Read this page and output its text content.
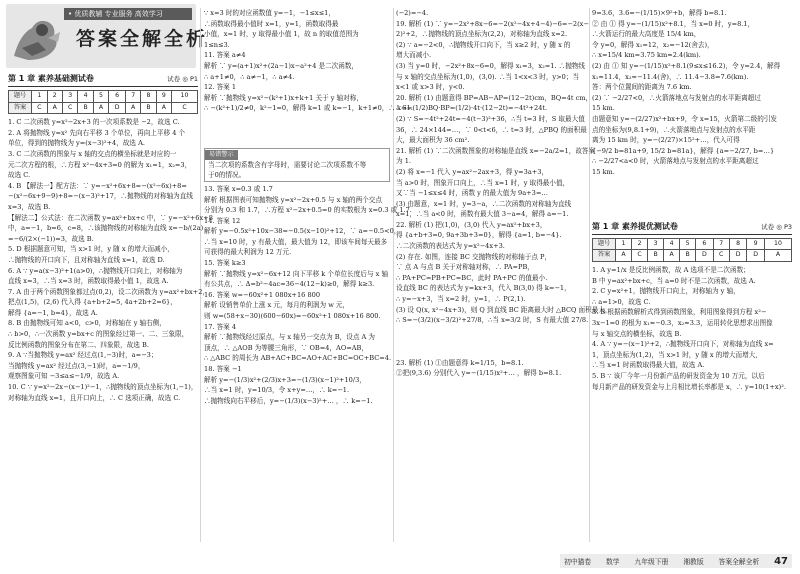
• 优质教辅 专业服务 高效学习
答案全解全析
第 1 章 素养基础测试卷	试卷 ◎ P1
题号	1	2	3	4	5	6	7	8	9	10
答案	C	A	C	B	A	D	A	B	A	C

1. C 二次函数 y=x²−2x+3 的一次项系数是 −2，故选 C.

2. A 将抛物线 y=x² 先向右平移 3 个单位，再向上平移 4 个

单位，得到的抛物线为 y=(x−3)²+4，故选 A.

3. C 二次函数的图象与 x 轴的交点的横坐标就是对应的一

元二次方程的根，∴方程 x²−4x+3=0 的解为 x₁=1，x₂=3，

故选 C.

4. B 【解法一】配方法：∵ y=−x²+6x+8=−(x²−6x)+8=

−(x²−6x+9−9)+8=−(x−3)²+17，∴抛物线的对称轴为直线

x=3，故选 B.

【解法二】公式法：在二次函数 y=ax²+bx+c 中，∵ y=−x²+6x+8

中，a=−1，b=6，c=8，∴该抛物线的对称轴为直线 x=−b/(2a)

=−6/(2×(−1))=3，故选 B.

5. D 根据题意可知，当 x>1 时，y 随 x 的增大而减小，

∴抛物线的开口向下，且对称轴为直线 x=1，故选 D.

6. A ∵ y=a(x−3)²+1(a>0)，∴抛物线开口向上，对称轴为

直线 x=3，∴当 x=3 时，函数取得最小值 1，故选 A.

7. A 由于两个函数图象都过点(0,2)，设二次函数为 y=ax²+bx+2，

把点(1,5)，(2,6) 代入得 {a+b+2=5, 4a+2b+2=6}，

解得 {a=−1, b=4}，故选 A.

8. B 由抛物线可知 a<0，c>0，对称轴在 y 轴右侧，

∴ b>0，∴一次函数 y=bx+c 的图象经过第一、二、三象限，

反比例函数的图象分布在第二、四象限，故选 B.

9. A ∵当抛物线 y=ax² 经过点(1,−3)时，a=−3；

当抛物线 y=ax² 经过点(3,−1)时，a=−1/9，

观察图象可知 −3≤a≤−1/9，故选 A.

10. C ∵ y=x²−2x−(x−1)²−1，∴抛物线的顶点坐标为(1,−1)，

对称轴为直线 x=1，且开口向上，∴ C 选项正确，故选 C.

∵ x=3 时的对应函数值 y=−1，−1≤x≤1，

∴函数取得最小值时 x=1，y=1，函数取得最

小值，x=1 时，y 取得最小值 1，故 n 的取值范围为

1≤n≤3.

11. 答案 a≠4

解析 ∵ y=(a+1)x²+(2a−1)x−a²+4 是二次函数，

∴ a+1≠0，∴ a≠−1，∴ a≠4.

12. 答案 1

解析 ∵抛物线 y=x²−(k²+1)x+k+1 关于 y 轴对称，

∴ −(k²+1)/2≠0，k²−1=0，解得 k=1 或 k=−1，k+1≠0，∴ k=1.

易错警示

当二次项的系数含有字母时，需要讨论二次项系数不等

于0的情况。

13. 答案 x=0.3 或 1.7

解析 根据图表可知抛物线 y=x²−2x+0.5 与 x 轴的两个交点

分别为 0.3 和 1.7，∴方程 x²−2x+0.5=0 的实数根为 x=0.3 或 1.7.

14. 答案 12

解析 y=−0.5x²+10x−38=−0.5(x−10)²+12，∵ a=−0.5<0，

∴当 x=10 时，y 有最大值，最大值为 12，即该车间每天最多

可获得的最大利润为 12 万元.

15. 答案 k≥3

解析 ∵抛物线 y=x²−6x+12 向下平移 k 个单位长度后与 x 轴

有公共点，∴ Δ=b²−4ac=36−4(12−k)≥0，解得 k≥3.

16. 答案 w=−60x²+1 080x+16 800

解析 设销售单价上涨 x 元，每月的利润为 w 元，

则 w=(58+x−30)(600−60x)=−60x²+1 080x+16 800.

17. 答案 4

解析 ∵抛物线经过原点，与 x 轴另一交点为 B，设点 A 为

顶点，∴ △AOB 为等腰三角形，∵ OB=4，AO=AB，

∴ △ABC 的周长为 AB+AC+BC=AO+AC+BC=OC+BC=4.

18. 答案 −1

解析 y=−(1/3)x²+(2/3)x+3=−(1/3)(x−1)²+10/3，

∴当 x=1 时，y=10/3，令 x+y=…，∴ k=−1.

∴抛物线向右平移后，y=−(1/3)(x−3)²+… ，∴ k=−1.

(−2)=−4.

19. 解析 (1) ∵ y=−2x²+8x−6=−2(x²−4x+4−4)−6=−2(x−

2)²+2，∴抛物线的顶点坐标为(2,2)，对称轴为直线 x=2.

(2) ∵ a=−2<0，∴抛物线开口向下，当 x≥2 时，y 随 x 的

增大而减小.

(3) 当 y=0 时，−2x²+8x−6=0，解得 x₁=3，x₂=1. ∴抛物线

与 x 轴的交点坐标为(1,0)，(3,0). ∴当 1<x<3 时，y>0；当

x<1 或 x>3 时，y<0.

20. 解析 (1) 由题意得 BP=AB−AP=(12−2t)cm，BQ=4t cm，

∴ S=(1/2)BQ·BP=(1/2)·4t·(12−2t)=−4t²+24t.

(2) ∵ S=−4t²+24t=−4(t−3)²+36，∴当 t=3 时，S 取最大值

36，∴ 24×144=…，∵ 0<t<6，∴ t=3 时，△PBQ 的面积最

大，最大面积为 36 cm².

21. 解析 (1) ∵二次函数图象的对称轴是直线 x=−2a/2=1，故答案

为 1.

(2) 将 x=−1 代入 y=ax²−2ax+3，得 y=3a+3，

当 a>0 时，图象开口向上，∴当 x=1 时，y 取得最小值，

又∵当 −1≤x≤4 时，函数 y 的最大值为 9a+3=…

(3) 由题意，x=1 时，y=3−a，∴二次函数的对称轴为直线

x=1，∴当 a<0 时，函数有最大值 3−a=4，解得 a=−1.

22. 解析 (1) 把(1,0)，(3,0) 代入 y=ax²+bx+3，

得 {a+b+3=0, 9a+3b+3=0}，解得 {a=1, b=−4}.

∴二次函数的表达式为 y=x²−4x+3.

(2) 存在. 如图，连接 BC 交抛物线的对称轴于点 P，

∵ 点 A 与点 B 关于对称轴对称，∴ PA=PB，

∴ PA+PC=PB+PC=BC，此时 PA+PC 的值最小.

设直线 BC 的表达式为 y=kx+3，代入 B(3,0) 得 k=−1，

∴ y=−x+3，当 x=2 时，y=1，∴ P(2,1).

(3) 设 Q(x, x²−4x+3)，则 Q 到直线 BC 距离最大时 △BCQ 面积最大，

∴ S=−(3/2)(x−3/2)²+27/8，∴当 x=3/2 时，S 有最大值 27/8.

23. 解析 (1) ①由题意得 k=1/15，b=8.1.

②把(9,3.6) 分别代入 y=−(1/15)x²+… ，解得 b=8.1.

9=3.6，3.6=−(1/15)×9²+b，解得 b=8.1.

② 由 ① 得 y=−(1/15)x²+8.1，当 x=0 时，y=8.1，

∴火箭运行的最大高度是 15/4 km，

令 y=0，解得 x₁=12，x₂=−12(舍去)，

∴ x=15/4 km=3.75 km≈2.4(km).

(2) 由 ① 知 y=−(1/15)x²+8.1(9≤x≤16.2)，令 y=2.4，解得

x₁≈11.4，x₂≈−11.4(舍)，∴ 11.4−3.8=7.6(km).

答：两个位置间的距离为 7.6 km.

(2) ∵ −2/27<0，∴火箭落地点与发射点的水平距离超过

15 km.

由题意知 y=−(2/27)x²+bx+9，令 x=15，火箭第二级的引发

点的坐标为(9,8.1+9)，∴火箭落地点与发射点的水平距

离为 15 km 时，y=−(2/27)×15²+…，代入可得

{−9/2 b=81a+9, 15/2 b=81a}，解得 {a=−2/27, b=…}

∴ −2/27<a<0 时，火箭落地点与发射点的水平距离超过

15 km.

第 1 章 素养提优测试卷	试卷 ◎ P3
题号	1	2	3	4	5	6	7	8	9	10
答案	A	C	B	A	B	D	C	D	D	A

1. A y=1/x 是反比例函数，故 A 选项不是二次函数；

B 中 y=ax²+bx+c，当 a=0 时不是二次函数，故选 A.

2. C y=x²+1，抛物线开口向上，对称轴为 y 轴，

∴ a=1>0，故选 C.

3. B 根据函数解析式得到函数图象，利用图象得到方程 x²−

3x−1=0 的根为 x₁≈−0.3，x₂≈3.3，运用转化思想求出图像

与 x 轴交点的横坐标，故选 B.

4. A ∵ y=−(x−1)²+2，∴抛物线开口向下，对称轴为直线 x=

1，顶点坐标为(1,2)，当 x>1 时，y 随 x 的增大而增大，

∴当 x=1 时函数取得最大值，故选 A.

5. B ∵ 该厂今年一月份新产品的研发资金为 10 万元，以后

每月新产品的研发资金与上月相比增长率都是 x，∴ y=10(1+x)².

初中猫卷 数学 九年级下册 湘教版 答案全解全析 47
